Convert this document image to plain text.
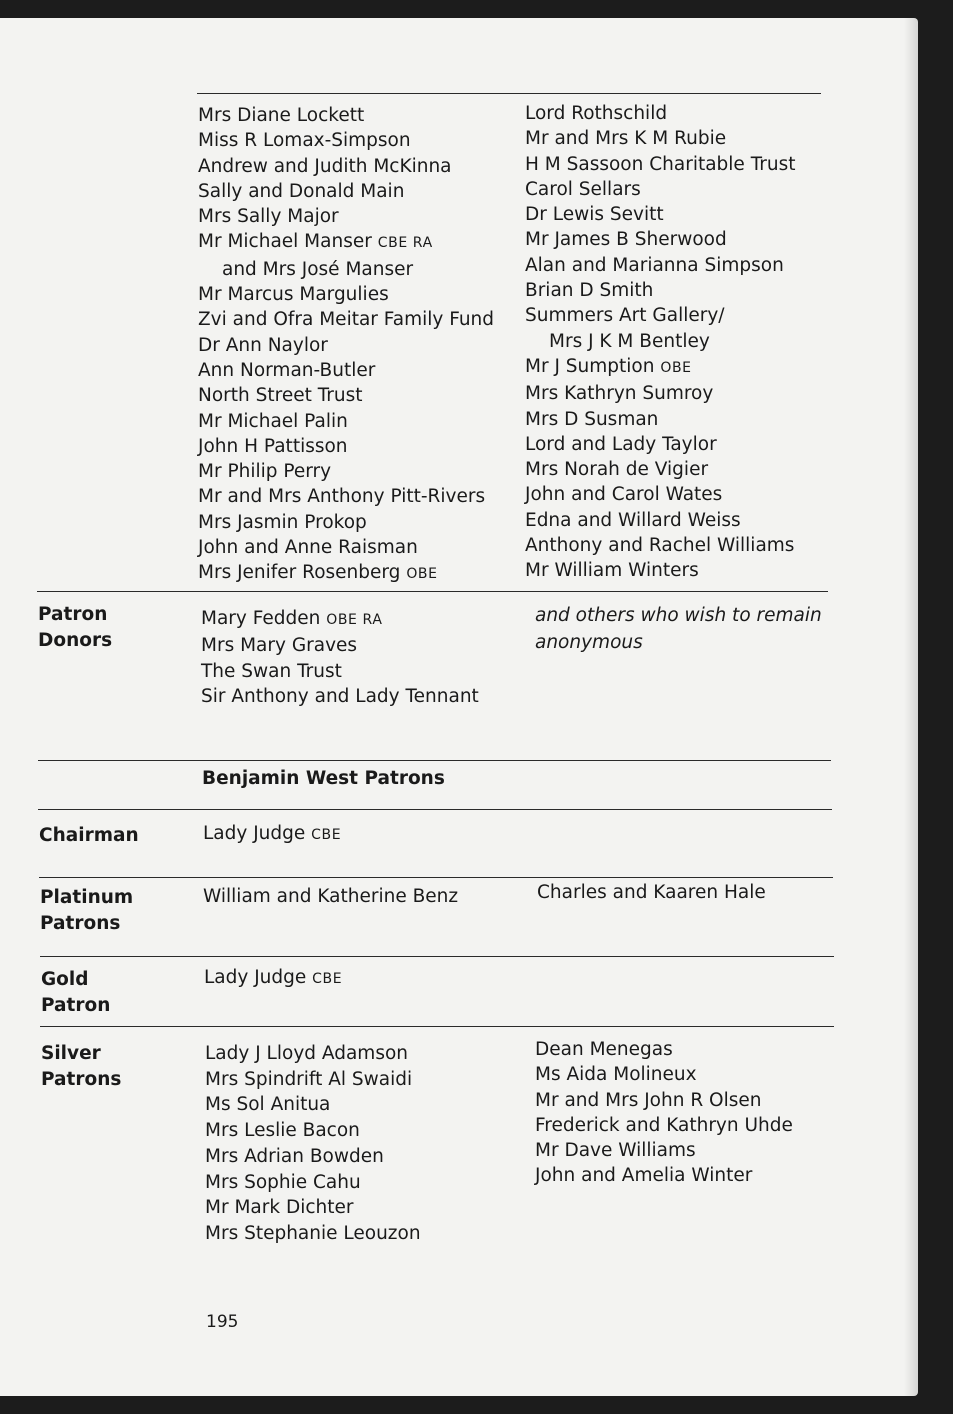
Mrs Diane Lockett
Miss R Lomax-Simpson
Andrew and Judith McKinna
Sally and Donald Main
Mrs Sally Major
Mr Michael Manser CBE RA
and Mrs José Manser
Mr Marcus Margulies
Zvi and Ofra Meitar Family Fund
Dr Ann Naylor
Ann Norman-Butler
North Street Trust
Mr Michael Palin
John H Pattisson
Mr Philip Perry
Mr and Mrs Anthony Pitt-Rivers
Mrs Jasmin Prokop
John and Anne Raisman
Mrs Jenifer Rosenberg OBE
Lord Rothschild
Mr and Mrs K M Rubie
H M Sassoon Charitable Trust
Carol Sellars
Dr Lewis Sevitt
Mr James B Sherwood
Alan and Marianna Simpson
Brian D Smith
Summers Art Gallery/
Mrs J K M Bentley
Mr J Sumption OBE
Mrs Kathryn Sumroy
Mrs D Susman
Lord and Lady Taylor
Mrs Norah de Vigier
John and Carol Wates
Edna and Willard Weiss
Anthony and Rachel Williams
Mr William Winters
Patron
Donors
Mary Fedden OBE RA
Mrs Mary Graves
The Swan Trust
Sir Anthony and Lady Tennant
and others who wish to remain
anonymous
Benjamin West Patrons
Chairman	Lady Judge CBE
Platinum
Patrons
William and Katherine Benz	Charles and Kaaren Hale
Gold
Patron
Lady Judge CBE
Silver
Patrons
Lady J Lloyd Adamson
Mrs Spindrift Al Swaidi
Ms Sol Anitua
Mrs Leslie Bacon
Mrs Adrian Bowden
Mrs Sophie Cahu
Mr Mark Dichter
Mrs Stephanie Leouzon
Dean Menegas
Ms Aida Molineux
Mr and Mrs John R Olsen
Frederick and Kathryn Uhde
Mr Dave Williams
John and Amelia Winter
195
